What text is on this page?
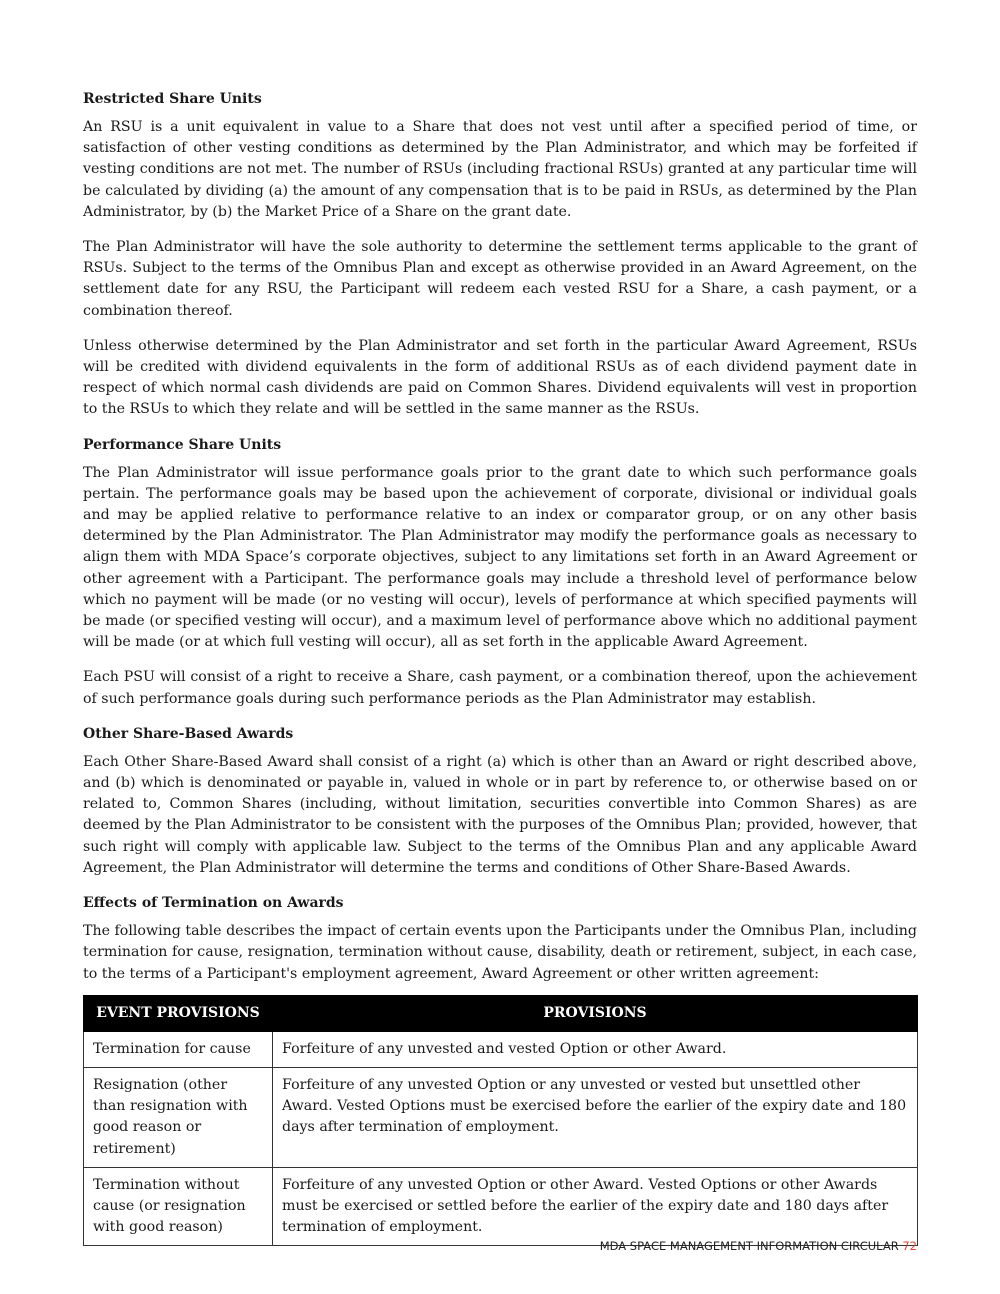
Restricted Share Units

An RSU is a unit equivalent in value to a Share that does not vest until after a specified period of time, or satisfaction of other vesting conditions as determined by the Plan Administrator, and which may be forfeited if vesting conditions are not met. The number of RSUs (including fractional RSUs) granted at any particular time will be calculated by dividing (a) the amount of any compensation that is to be paid in RSUs, as determined by the Plan Administrator, by (b) the Market Price of a Share on the grant date.

The Plan Administrator will have the sole authority to determine the settlement terms applicable to the grant of RSUs. Subject to the terms of the Omnibus Plan and except as otherwise provided in an Award Agreement, on the settlement date for any RSU, the Participant will redeem each vested RSU for a Share, a cash payment, or a combination thereof.

Unless otherwise determined by the Plan Administrator and set forth in the particular Award Agreement, RSUs will be credited with dividend equivalents in the form of additional RSUs as of each dividend payment date in respect of which normal cash dividends are paid on Common Shares. Dividend equivalents will vest in proportion to the RSUs to which they relate and will be settled in the same manner as the RSUs.

Performance Share Units

The Plan Administrator will issue performance goals prior to the grant date to which such performance goals pertain. The performance goals may be based upon the achievement of corporate, divisional or individual goals and may be applied relative to performance relative to an index or comparator group, or on any other basis determined by the Plan Administrator. The Plan Administrator may modify the performance goals as necessary to align them with MDA Space’s corporate objectives, subject to any limitations set forth in an Award Agreement or other agreement with a Participant. The performance goals may include a threshold level of performance below which no payment will be made (or no vesting will occur), levels of performance at which specified payments will be made (or specified vesting will occur), and a maximum level of performance above which no additional payment will be made (or at which full vesting will occur), all as set forth in the applicable Award Agreement.

Each PSU will consist of a right to receive a Share, cash payment, or a combination thereof, upon the achievement of such performance goals during such performance periods as the Plan Administrator may establish.

Other Share-Based Awards

Each Other Share-Based Award shall consist of a right (a) which is other than an Award or right described above, and (b) which is denominated or payable in, valued in whole or in part by reference to, or otherwise based on or related to, Common Shares (including, without limitation, securities convertible into Common Shares) as are deemed by the Plan Administrator to be consistent with the purposes of the Omnibus Plan; provided, however, that such right will comply with applicable law. Subject to the terms of the Omnibus Plan and any applicable Award Agreement, the Plan Administrator will determine the terms and conditions of Other Share-Based Awards.

Effects of Termination on Awards

The following table describes the impact of certain events upon the Participants under the Omnibus Plan, including termination for cause, resignation, termination without cause, disability, death or retirement, subject, in each case, to the terms of a Participant's employment agreement, Award Agreement or other written agreement:

EVENT PROVISIONS	PROVISIONS
Termination for cause	Forfeiture of any unvested and vested Option or other Award.
Resignation (other than resignation with good reason or retirement)	Forfeiture of any unvested Option or any unvested or vested but unsettled other Award. Vested Options must be exercised before the earlier of the expiry date and 180 days after termination of employment.
Termination without cause (or resignation with good reason)	Forfeiture of any unvested Option or other Award. Vested Options or other Awards must be exercised or settled before the earlier of the expiry date and 180 days after termination of employment.
MDA SPACE MANAGEMENT INFORMATION CIRCULAR 72
